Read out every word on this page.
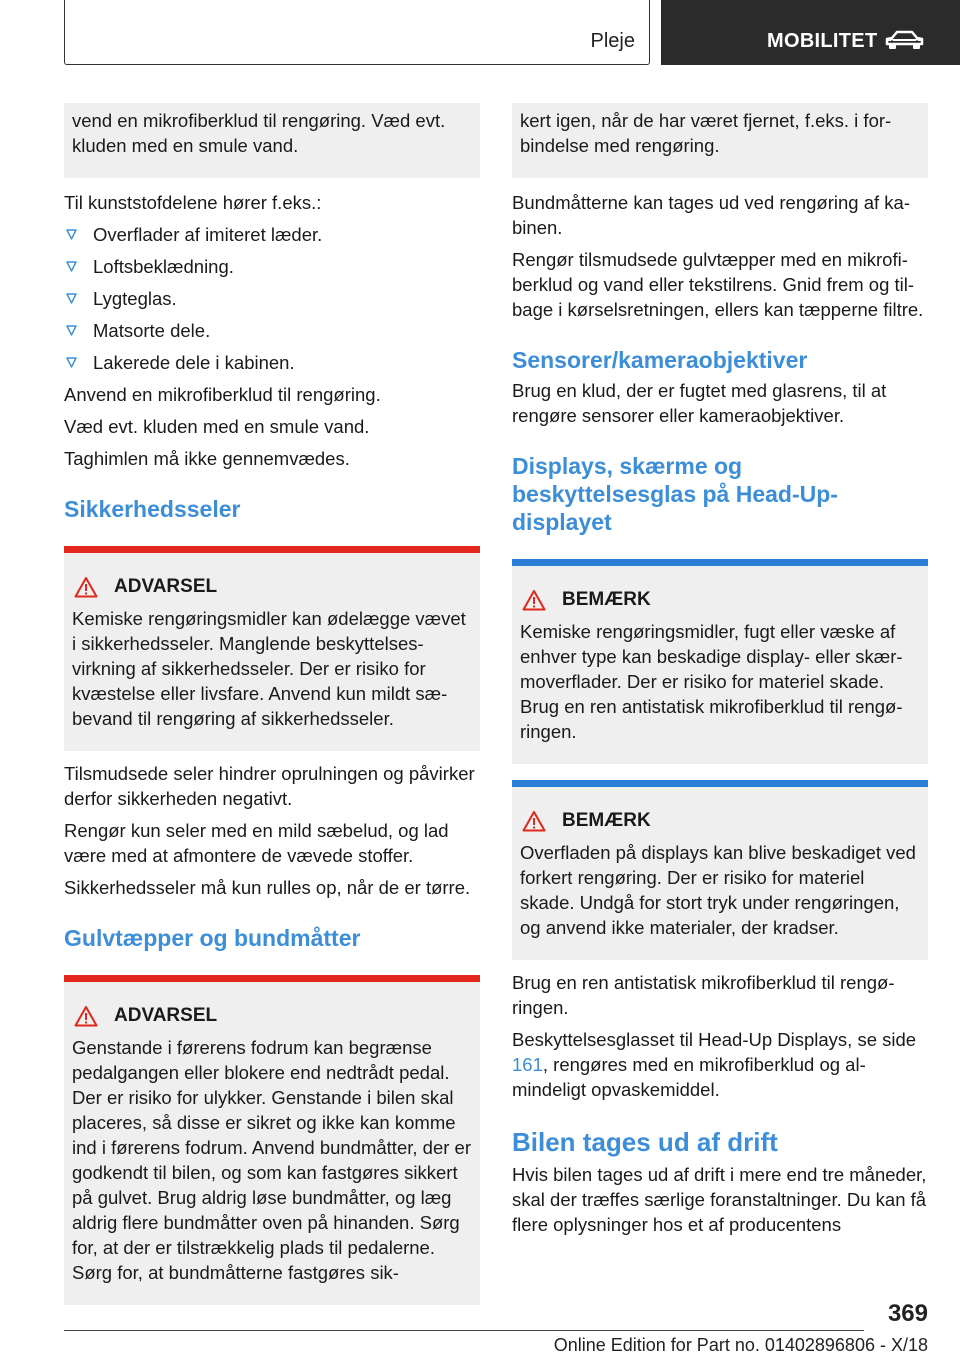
Pleje	MOBILITET
vend en mikrofiberklud til rengøring. Væd evt. kluden med en smule vand.

Til kunststofdelene hører f.eks.:

Overflader af imiteret læder.
Loftsbeklædning.
Lygteglas.
Matsorte dele.
Lakerede dele i kabinen.

Anvend en mikrofiberklud til rengøring.

Væd evt. kluden med en smule vand.

Taghimlen må ikke gennemvædes.

Sikkerhedsseler
ADVARSEL
Kemiske rengøringsmidler kan ødelægge vævet i sikkerhedsseler. Manglende beskyttelsesvirkning af sikkerhedsseler. Der er risiko for kvæstelse eller livsfare. Anvend kun mildt sæbevand til rengøring af sikkerhedsseler.

Tilsmudsede seler hindrer oprulningen og påvirker derfor sikkerheden negativt.

Rengør kun seler med en mild sæbelud, og lad være med at afmontere de vævede stoffer.

Sikkerhedsseler må kun rulles op, når de er tørre.

Gulvtæpper og bundmåtter
ADVARSEL
Genstande i førerens fodrum kan begrænse pedalgangen eller blokere end nedtrådt pedal. Der er risiko for ulykker. Genstande i bilen skal placeres, så disse er sikret og ikke kan komme ind i førerens fodrum. Anvend bundmåtter, der er godkendt til bilen, og som kan fastgøres sikkert på gulvet. Brug aldrig løse bundmåtter, og læg aldrig flere bundmåtter oven på hinanden. Sørg for, at der er tilstrækkelig plads til pedalerne. Sørg for, at bundmåtterne fastgøres sik-
kert igen, når de har været fjernet, f.eks. i forbindelse med rengøring.

Bundmåtterne kan tages ud ved rengøring af kabinen.

Rengør tilsmudsede gulvtæpper med en mikrofiberklud og vand eller tekstilrens. Gnid frem og tilbage i kørselsretningen, ellers kan tæpperne filtre.

Sensorer/kameraobjektiver

Brug en klud, der er fugtet med glasrens, til at rengøre sensorer eller kameraobjektiver.

Displays, skærme og beskyttelsesglas på Head-Up-displayet
BEMÆRK
Kemiske rengøringsmidler, fugt eller væske af enhver type kan beskadige display- eller skærmoverflader. Der er risiko for materiel skade. Brug en ren antistatisk mikrofiberklud til rengøringen.
BEMÆRK
Overfladen på displays kan blive beskadiget ved forkert rengøring. Der er risiko for materiel skade. Undgå for stort tryk under rengøringen, og anvend ikke materialer, der kradser.

Brug en ren antistatisk mikrofiberklud til rengøringen.

Beskyttelsesglasset til Head-Up Displays, se side 161, rengøres med en mikrofiberklud og almindeligt opvaskemiddel.

Bilen tages ud af drift

Hvis bilen tages ud af drift i mere end tre måneder, skal der træffes særlige foranstaltninger. Du kan få flere oplysninger hos et af producentens

369
Online Edition for Part no. 01402896806 - X/18
